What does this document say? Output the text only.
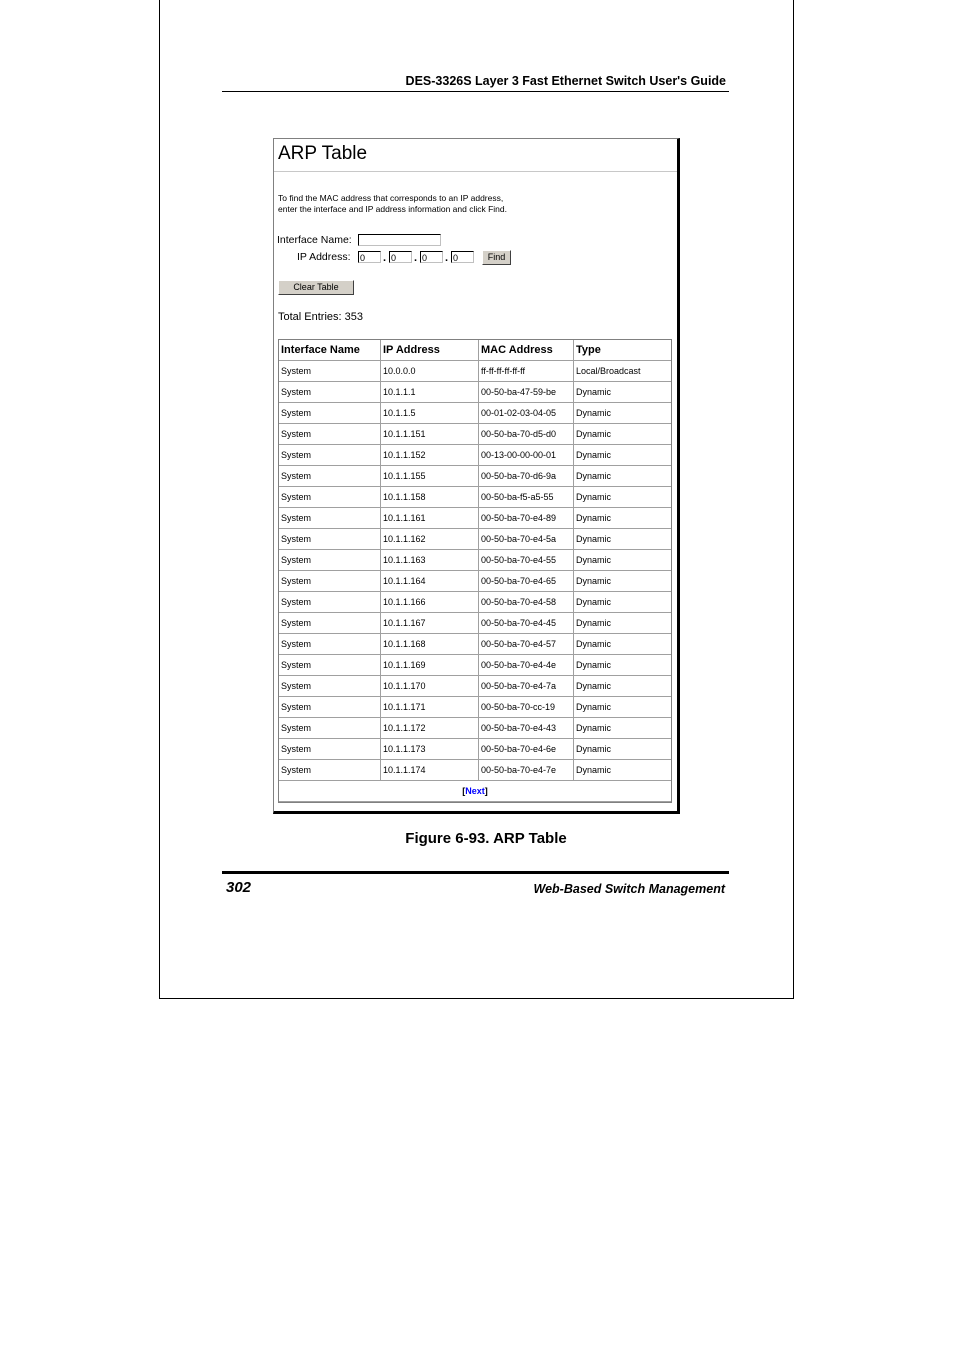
DES-3326S Layer 3 Fast Ethernet Switch User's Guide
ARP Table
To find the MAC address that corresponds to an IP address,
enter the interface and IP address information and click Find.
Interface Name:
IP Address: 0	. 0	. 0	. 0	Find
Clear Table
Total Entries: 353
Interface Name	IP Address	MAC Address	Type
System	10.0.0.0	ff-ff-ff-ff-ff-ff	Local/Broadcast
System	10.1.1.1	00-50-ba-47-59-be	Dynamic
System	10.1.1.5	00-01-02-03-04-05	Dynamic
System	10.1.1.151	00-50-ba-70-d5-d0	Dynamic
System	10.1.1.152	00-13-00-00-00-01	Dynamic
System	10.1.1.155	00-50-ba-70-d6-9a	Dynamic
System	10.1.1.158	00-50-ba-f5-a5-55	Dynamic
System	10.1.1.161	00-50-ba-70-e4-89	Dynamic
System	10.1.1.162	00-50-ba-70-e4-5a	Dynamic
System	10.1.1.163	00-50-ba-70-e4-55	Dynamic
System	10.1.1.164	00-50-ba-70-e4-65	Dynamic
System	10.1.1.166	00-50-ba-70-e4-58	Dynamic
System	10.1.1.167	00-50-ba-70-e4-45	Dynamic
System	10.1.1.168	00-50-ba-70-e4-57	Dynamic
System	10.1.1.169	00-50-ba-70-e4-4e	Dynamic
System	10.1.1.170	00-50-ba-70-e4-7a	Dynamic
System	10.1.1.171	00-50-ba-70-cc-19	Dynamic
System	10.1.1.172	00-50-ba-70-e4-43	Dynamic
System	10.1.1.173	00-50-ba-70-e4-6e	Dynamic
System	10.1.1.174	00-50-ba-70-e4-7e	Dynamic
[Next]			
Figure 6-93. ARP Table
302	Web-Based Switch Management
